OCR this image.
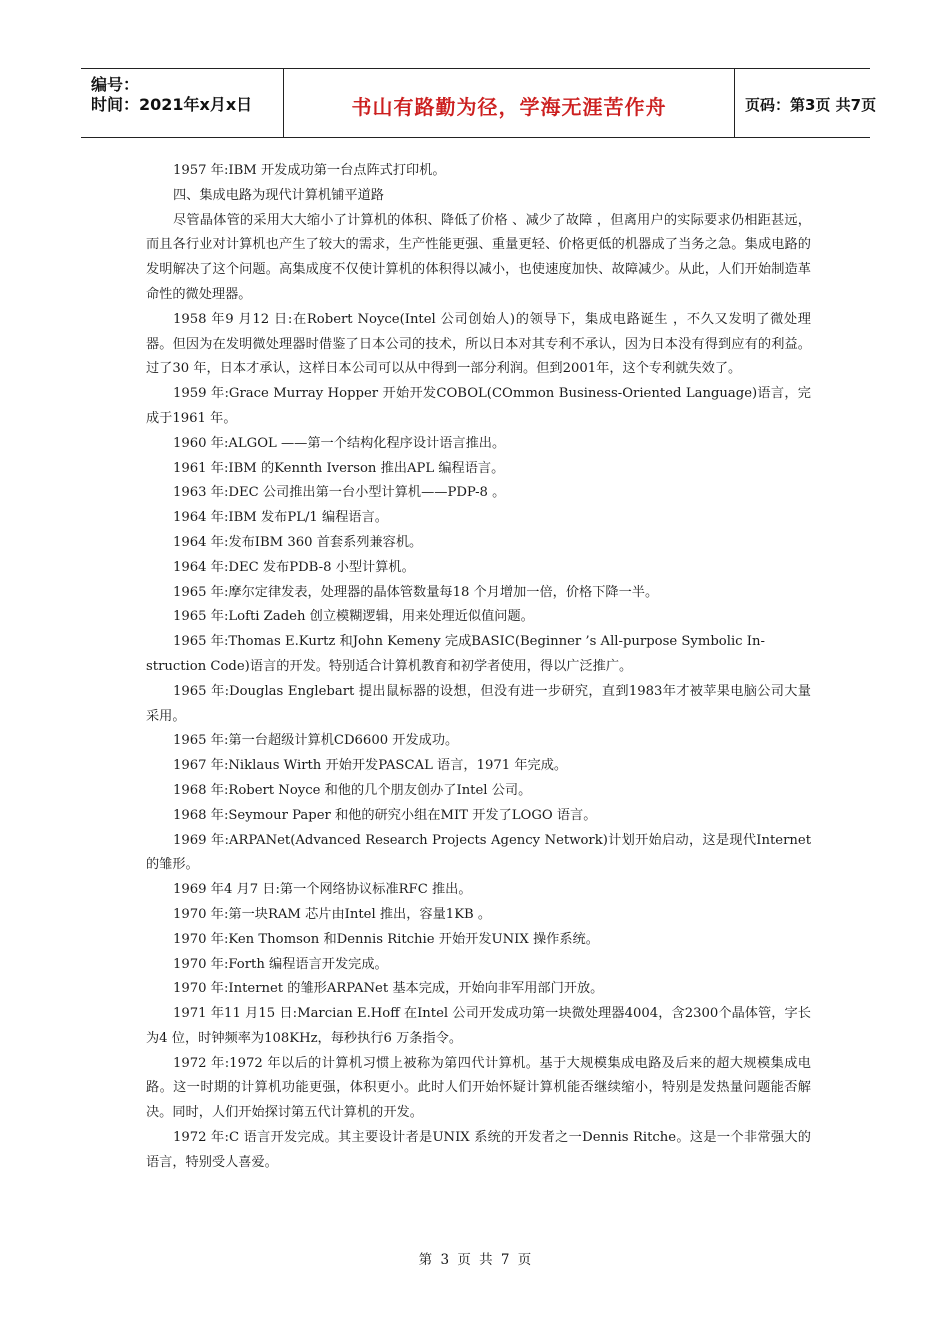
编号：
时间：2021年x月x日	书山有路勤为径，学海无涯苦作舟	页码：第3页 共7页

1957 年:IBM 开发成功第一台点阵式打印机。

四、集成电路为现代计算机铺平道路

尽管晶体管的采用大大缩小了计算机的体积、降低了价格 、减少了故障 ，但离用户的实际要求仍相距甚远，而且各行业对计算机也产生了较大的需求，生产性能更强、重量更轻、价格更低的机器成了当务之急。集成电路的发明解决了这个问题。高集成度不仅使计算机的体积得以减小，也使速度加快、故障减少。从此，人们开始制造革命性的微处理器。

1958 年9 月12 日:在Robert Noyce(Intel 公司创始人)的领导下，集成电路诞生 ，不久又发明了微处理器。但因为在发明微处理器时借鉴了日本公司的技术，所以日本对其专利不承认，因为日本没有得到应有的利益。过了30 年，日本才承认，这样日本公司可以从中得到一部分利润。但到2001年，这个专利就失效了。

1959 年:Grace Murray Hopper 开始开发COBOL(COmmon Business-Oriented Language)语言，完成于1961 年。

1960 年:ALGOL ——第一个结构化程序设计语言推出。

1961 年:IBM 的Kennth Iverson 推出APL 编程语言。

1963 年:DEC 公司推出第一台小型计算机——PDP-8 。

1964 年:IBM 发布PL/1 编程语言。

1964 年:发布IBM 360 首套系列兼容机。

1964 年:DEC 发布PDB-8 小型计算机。

1965 年:摩尔定律发表，处理器的晶体管数量每18 个月增加一倍，价格下降一半。

1965 年:Lofti Zadeh 创立模糊逻辑，用来处理近似值问题。

1965 年:Thomas E.Kurtz 和John Kemeny 完成BASIC(Beginner ’s All-purpose Symbolic In-

struction Code)语言的开发。特别适合计算机教育和初学者使用，得以广泛推广。

1965 年:Douglas Englebart 提出鼠标器的设想，但没有进一步研究，直到1983年才被苹果电脑公司大量采用。

1965 年:第一台超级计算机CD6600 开发成功。

1967 年:Niklaus Wirth 开始开发PASCAL 语言，1971 年完成。

1968 年:Robert Noyce 和他的几个朋友创办了Intel 公司。

1968 年:Seymour Paper 和他的研究小组在MIT 开发了LOGO 语言。

1969 年:ARPANet(Advanced Research Projects Agency Network)计划开始启动，这是现代Internet 的雏形。

1969 年4 月7 日:第一个网络协议标准RFC 推出。

1970 年:第一块RAM 芯片由Intel 推出，容量1KB 。

1970 年:Ken Thomson 和Dennis Ritchie 开始开发UNIX 操作系统。

1970 年:Forth 编程语言开发完成。

1970 年:Internet 的雏形ARPANet 基本完成，开始向非军用部门开放。

1971 年11 月15 日:Marcian E.Hoff 在Intel 公司开发成功第一块微处理器4004，含2300个晶体管，字长为4 位，时钟频率为108KHz，每秒执行6 万条指令。

1972 年:1972 年以后的计算机习惯上被称为第四代计算机。基于大规模集成电路及后来的超大规模集成电路。这一时期的计算机功能更强，体积更小。此时人们开始怀疑计算机能否继续缩小，特别是发热量问题能否解决。同时，人们开始探讨第五代计算机的开发。

1972 年:C 语言开发完成。其主要设计者是UNIX 系统的开发者之一Dennis Ritche。这是一个非常强大的语言，特别受人喜爱。

第 3 页 共 7 页
